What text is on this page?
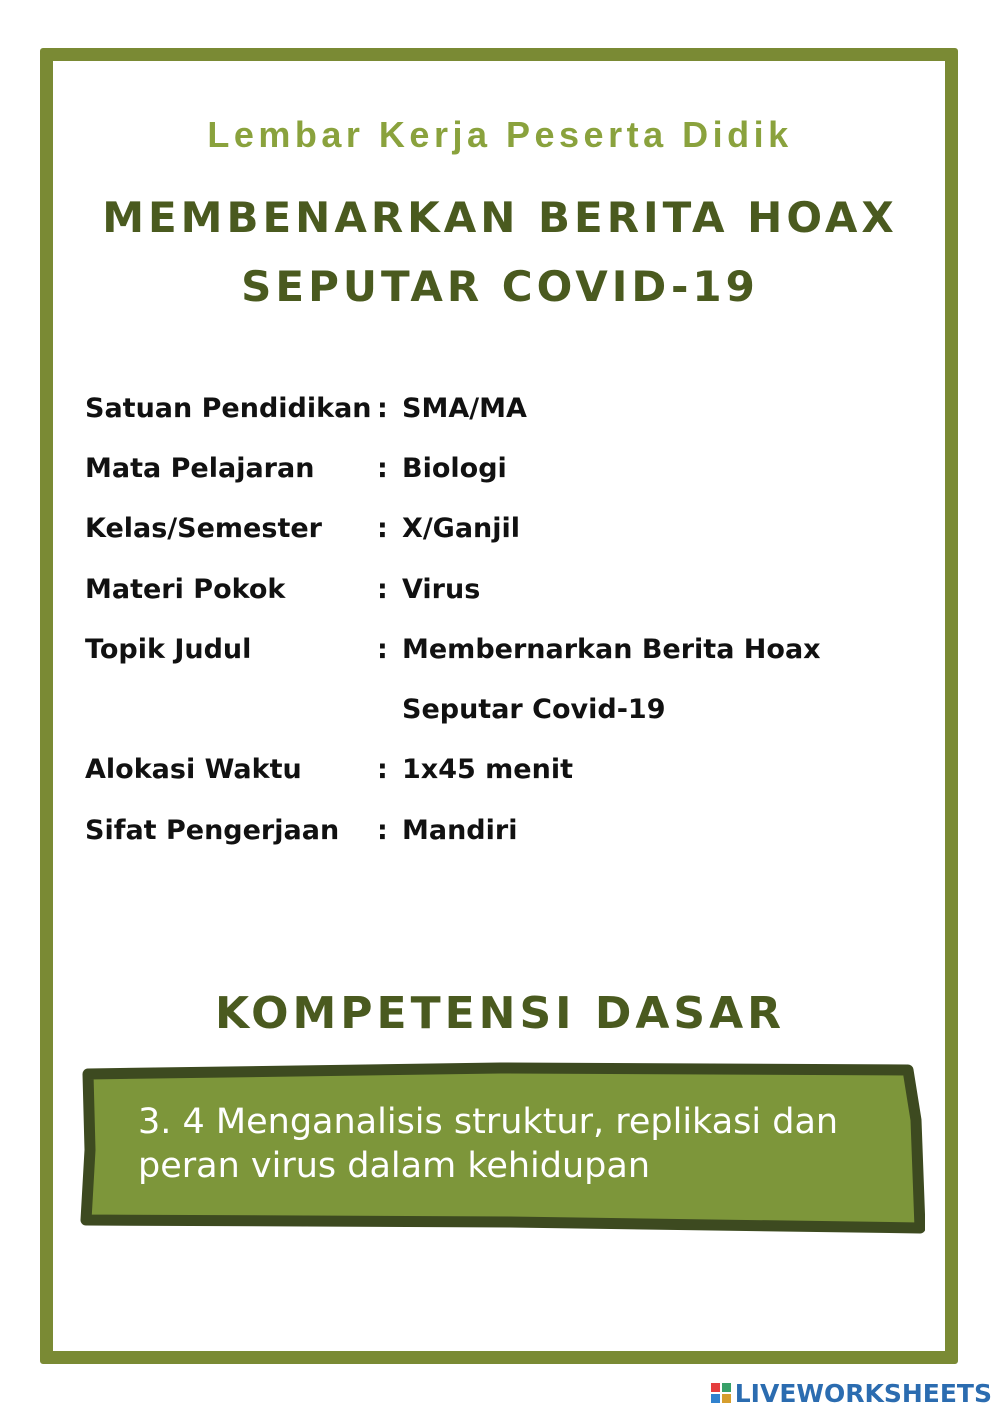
Lembar Kerja Peserta Didik
MEMBENARKAN BERITA HOAX
SEPUTAR COVID-19
Satuan Pendidikan : SMA/MA
Mata Pelajaran : Biologi
Kelas/Semester : X/Ganjil
Materi Pokok	: Virus
Topik Judul	: Membernarkan Berita Hoax
Seputar Covid-19
Alokasi Waktu	: 1x45 menit
Sifat Pengerjaan : Mandiri
KOMPETENSI DASAR
3. 4 Menganalisis struktur, replikasi dan
peran virus dalam kehidupan
LIVEWORKSHEETS
